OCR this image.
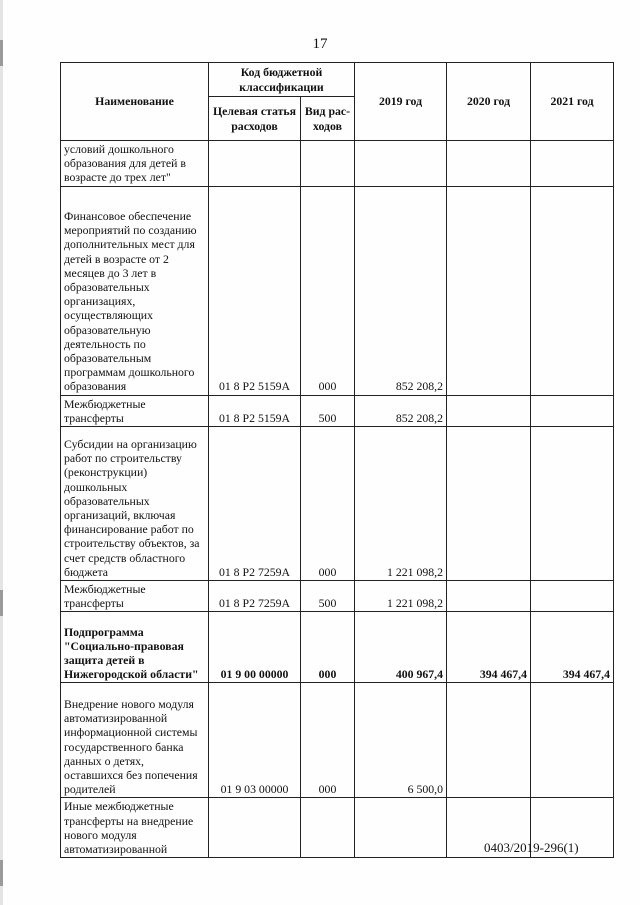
17
Наименование	Код бюджетной классификации		2019 год	2020 год	2021 год
	Целевая статья расходов	Вид рас-ходов			
условий дошкольного образования для детей в возрасте до трех лет"					
Финансовое обеспечение мероприятий по созданию дополнительных мест для детей в возрасте от 2 месяцев до 3 лет в образовательных организациях, осуществляющих образовательную деятельность по образовательным программам дошкольного образования	01 8 P2 5159A	000	852 208,2		
Межбюджетные трансферты	01 8 P2 5159A	500	852 208,2		
Субсидии на организацию работ по строительству (реконструкции) дошкольных образовательных организаций, включая финансирование работ по строительству объектов, за счет средств областного бюджета	01 8 P2 7259A	000	1 221 098,2		
Межбюджетные трансферты	01 8 P2 7259A	500	1 221 098,2		
Подпрограмма "Социально-правовая защита детей в Нижегородской области"	01 9 00 00000	000	400 967,4	394 467,4	394 467,4
Внедрение нового модуля автоматизированной информационной системы государственного банка данных о детях, оставшихся без попечения родителей	01 9 03 00000	000	6 500,0		
Иные межбюджетные трансферты на внедрение нового модуля автоматизированной						0403/2019-296(1)
